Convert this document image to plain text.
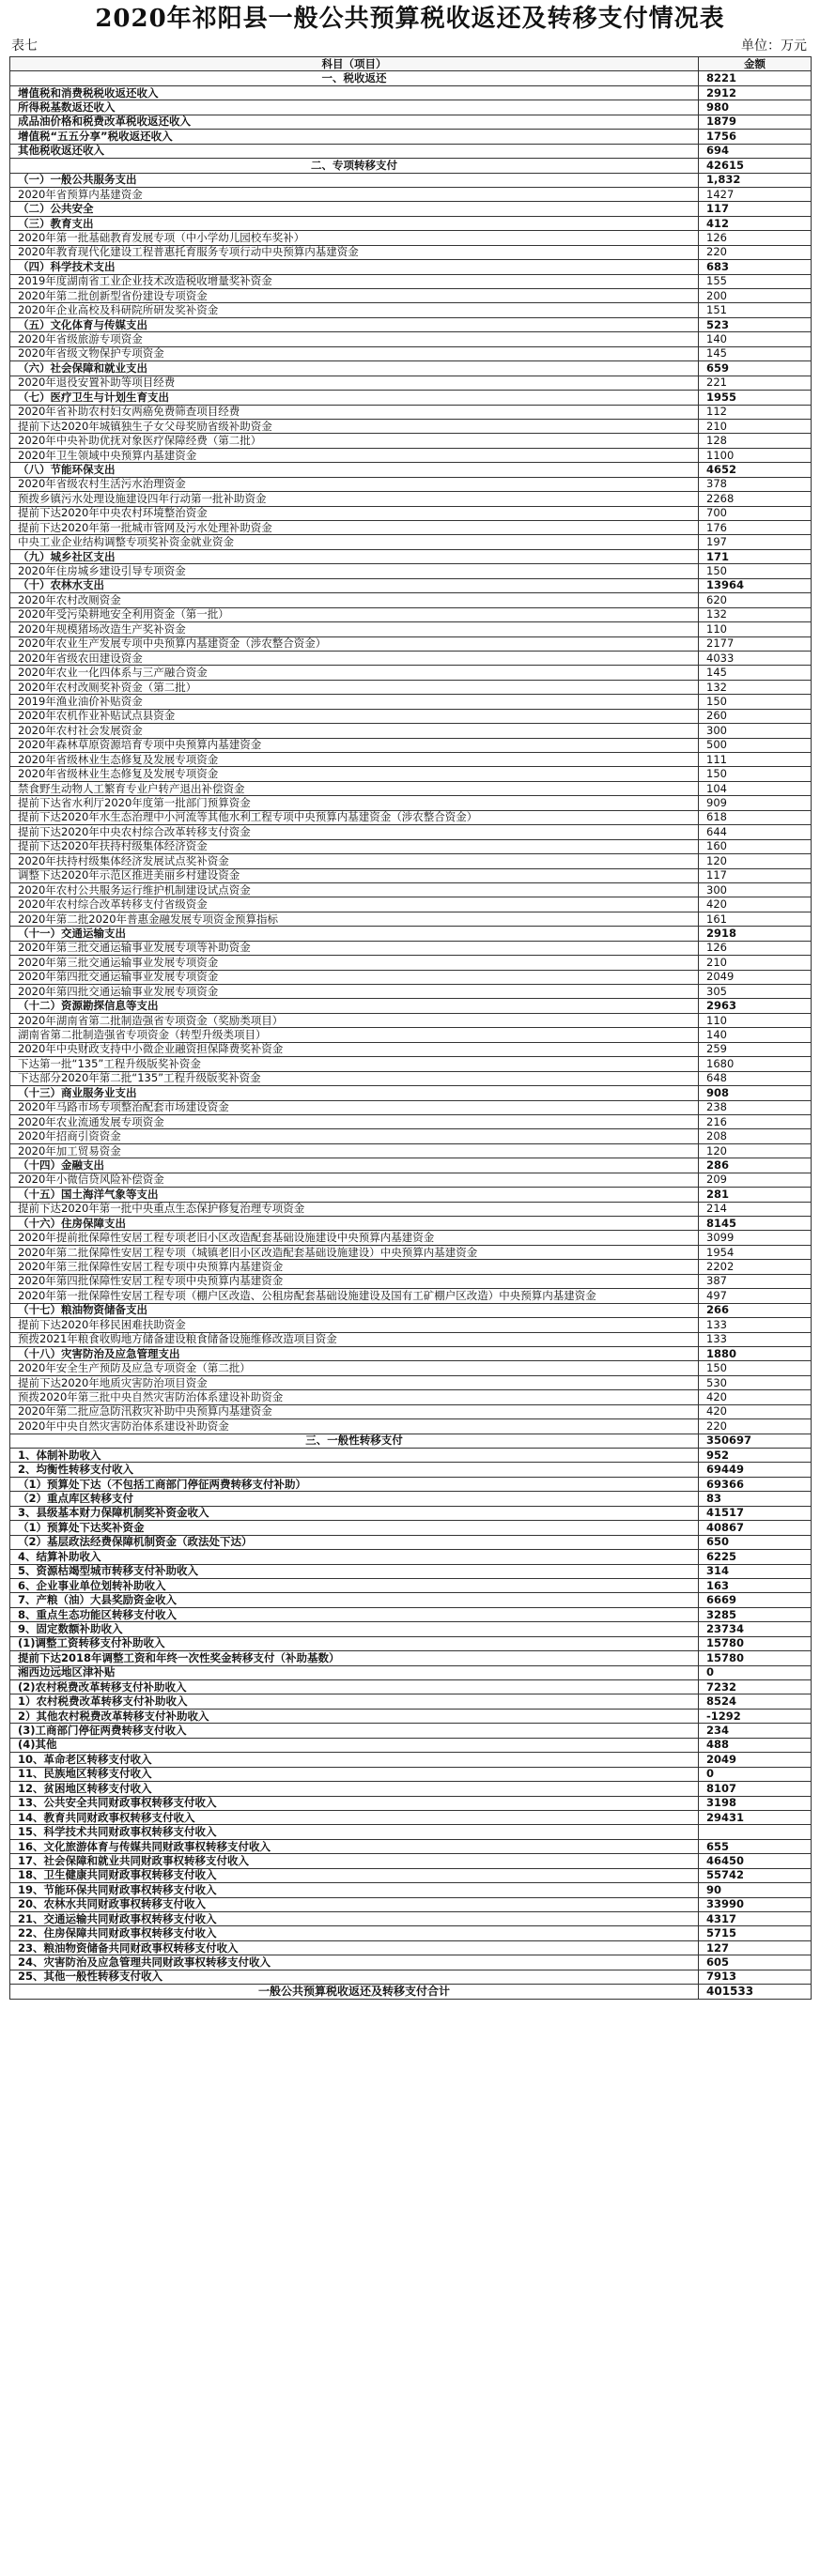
2020年祁阳县一般公共预算税收返还及转移支付情况表
表七	单位：万元
科目（项目）	金额
一、税收返还	8221
增值税和消费税税收返还收入	2912
所得税基数返还收入	980
成品油价格和税费改革税收返还收入	1879
增值税“五五分享”税收返还收入	1756
其他税收返还收入	694
二、专项转移支付	42615
（一）一般公共服务支出	1,832
2020年省预算内基建资金	1427
（二）公共安全	117
（三）教育支出	412
2020年第一批基础教育发展专项（中小学幼儿园校车奖补）	126
2020年教育现代化建设工程普惠托育服务专项行动中央预算内基建资金	220
（四）科学技术支出	683
2019年度湖南省工业企业技术改造税收增量奖补资金	155
2020年第二批创新型省份建设专项资金	200
2020年企业高校及科研院所研发奖补资金	151
（五）文化体育与传媒支出	523
2020年省级旅游专项资金	140
2020年省级文物保护专项资金	145
（六）社会保障和就业支出	659
2020年退役安置补助等项目经费	221
（七）医疗卫生与计划生育支出	1955
2020年省补助农村妇女两癌免费筛查项目经费	112
提前下达2020年城镇独生子女父母奖励省级补助资金	210
2020年中央补助优抚对象医疗保障经费（第二批）	128
2020年卫生领域中央预算内基建资金	1100
（八）节能环保支出	4652
2020年省级农村生活污水治理资金	378
预拨乡镇污水处理设施建设四年行动第一批补助资金	2268
提前下达2020年中央农村环境整治资金	700
提前下达2020年第一批城市管网及污水处理补助资金	176
中央工业企业结构调整专项奖补资金就业资金	197
（九）城乡社区支出	171
2020年住房城乡建设引导专项资金	150
（十）农林水支出	13964
2020年农村改厕资金	620
2020年受污染耕地安全利用资金（第一批）	132
2020年规模猪场改造生产奖补资金	110
2020年农业生产发展专项中央预算内基建资金（涉农整合资金）	2177
2020年省级农田建设资金	4033
2020年农业一化四体系与三产融合资金	145
2020年农村改厕奖补资金（第二批）	132
2019年渔业油价补贴资金	150
2020年农机作业补贴试点县资金	260
2020年农村社会发展资金	300
2020年森林草原资源培育专项中央预算内基建资金	500
2020年省级林业生态修复及发展专项资金	111
2020年省级林业生态修复及发展专项资金	150
禁食野生动物人工繁育专业户转产退出补偿资金	104
提前下达省水利厅2020年度第一批部门预算资金	909
提前下达2020年水生态治理中小河流等其他水利工程专项中央预算内基建资金（涉农整合资金）	618
提前下达2020年中央农村综合改革转移支付资金	644
提前下达2020年扶持村级集体经济资金	160
2020年扶持村级集体经济发展试点奖补资金	120
调整下达2020年示范区推进美丽乡村建设资金	117
2020年农村公共服务运行维护机制建设试点资金	300
2020年农村综合改革转移支付省级资金	420
2020年第二批2020年普惠金融发展专项资金预算指标	161
（十一）交通运输支出	2918
2020年第三批交通运输事业发展专项等补助资金	126
2020年第三批交通运输事业发展专项资金	210
2020年第四批交通运输事业发展专项资金	2049
2020年第四批交通运输事业发展专项资金	305
（十二）资源勘探信息等支出	2963
2020年湖南省第二批制造强省专项资金（奖励类项目）	110
湖南省第二批制造强省专项资金（转型升级类项目）	140
2020年中央财政支持中小微企业融资担保降费奖补资金	259
下达第一批“135”工程升级版奖补资金	1680
下达部分2020年第二批“135”工程升级版奖补资金	648
（十三）商业服务业支出	908
2020年马路市场专项整治配套市场建设资金	238
2020年农业流通发展专项资金	216
2020年招商引资资金	208
2020年加工贸易资金	120
（十四）金融支出	286
2020年小微信贷风险补偿资金	209
（十五）国土海洋气象等支出	281
提前下达2020年第一批中央重点生态保护修复治理专项资金	214
（十六）住房保障支出	8145
2020年提前批保障性安居工程专项老旧小区改造配套基础设施建设中央预算内基建资金	3099
2020年第二批保障性安居工程专项（城镇老旧小区改造配套基础设施建设）中央预算内基建资金	1954
2020年第三批保障性安居工程专项中央预算内基建资金	2202
2020年第四批保障性安居工程专项中央预算内基建资金	387
2020年第一批保障性安居工程专项（棚户区改造、公租房配套基础设施建设及国有工矿棚户区改造）中央预算内基建资金	497
（十七）粮油物资储备支出	266
提前下达2020年移民困难扶助资金	133
预拨2021年粮食收购地方储备建设粮食储备设施维修改造项目资金	133
（十八）灾害防治及应急管理支出	1880
2020年安全生产预防及应急专项资金（第二批）	150
提前下达2020年地质灾害防治项目资金	530
预拨2020年第三批中央自然灾害防治体系建设补助资金	420
2020年第二批应急防汛救灾补助中央预算内基建资金	420
2020年中央自然灾害防治体系建设补助资金	220
三、一般性转移支付	350697
1、体制补助收入	952
2、均衡性转移支付收入	69449
（1）预算处下达（不包括工商部门停征两费转移支付补助）	69366
（2）重点库区转移支付	83
3、县级基本财力保障机制奖补资金收入	41517
（1）预算处下达奖补资金	40867
（2）基层政法经费保障机制资金（政法处下达）	650
4、结算补助收入	6225
5、资源枯竭型城市转移支付补助收入	314
6、企业事业单位划转补助收入	163
7、产粮（油）大县奖励资金收入	6669
8、重点生态功能区转移支付收入	3285
9、固定数额补助收入	23734
(1)调整工资转移支付补助收入	15780
提前下达2018年调整工资和年终一次性奖金转移支付（补助基数）	15780
湘西边远地区津补贴	0
(2)农村税费改革转移支付补助收入	7232
1）农村税费改革转移支付补助收入	8524
2）其他农村税费改革转移支付补助收入	-1292
(3)工商部门停征两费转移支付收入	234
(4)其他	488
10、革命老区转移支付收入	2049
11、民族地区转移支付收入	0
12、贫困地区转移支付收入	8107
13、公共安全共同财政事权转移支付收入	3198
14、教育共同财政事权转移支付收入	29431
15、科学技术共同财政事权转移支付收入	
16、文化旅游体育与传媒共同财政事权转移支付收入	655
17、社会保障和就业共同财政事权转移支付收入	46450
18、卫生健康共同财政事权转移支付收入	55742
19、节能环保共同财政事权转移支付收入	90
20、农林水共同财政事权转移支付收入	33990
21、交通运输共同财政事权转移支付收入	4317
22、住房保障共同财政事权转移支付收入	5715
23、粮油物资储备共同财政事权转移支付收入	127
24、灾害防治及应急管理共同财政事权转移支付收入	605
25、其他一般性转移支付收入	7913
一般公共预算税收返还及转移支付合计	401533
